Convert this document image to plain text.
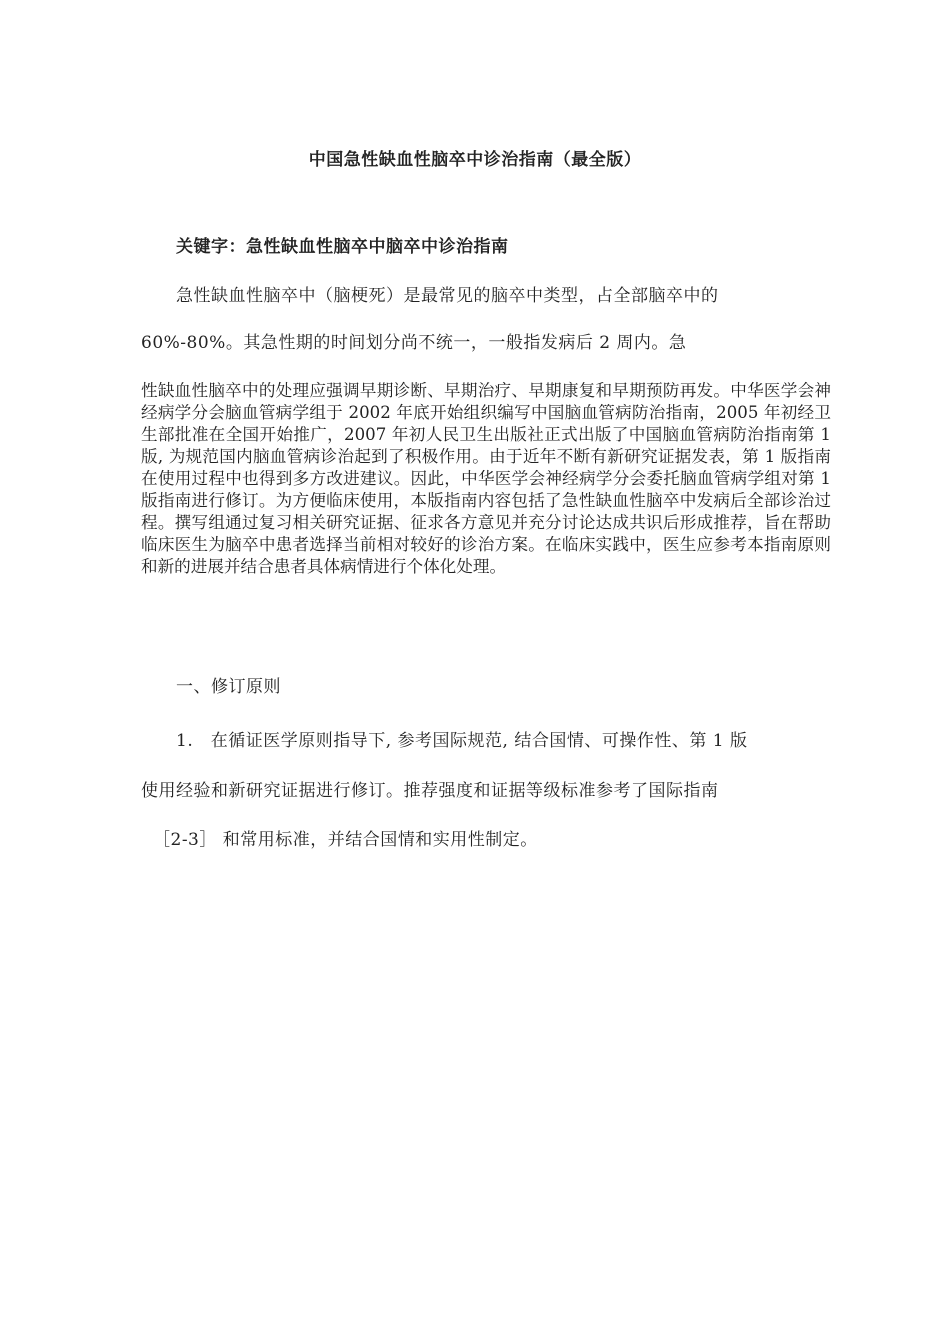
中国急性缺血性脑卒中诊治指南（最全版）
关键字：急性缺血性脑卒中脑卒中诊治指南
急性缺血性脑卒中（脑梗死）是最常见的脑卒中类型，占全部脑卒中的
60%-80%。其急性期的时间划分尚不统一，一般指发病后 2 周内。急
性缺血性脑卒中的处理应强调早期诊断、早期治疗、早期康复和早期预防再发。中华医学会神经病学分会脑血管病学组于 2002 年底开始组织编写中国脑血管病防治指南，2005 年初经卫生部批准在全国开始推广，2007 年初人民卫生出版社正式出版了中国脑血管病防治指南第 1 版, 为规范国内脑血管病诊治起到了积极作用。由于近年不断有新研究证据发表，第 1 版指南在使用过程中也得到多方改进建议。因此，中华医学会神经病学分会委托脑血管病学组对第 1 版指南进行修订。为方便临床使用，本版指南内容包括了急性缺血性脑卒中发病后全部诊治过程。撰写组通过复习相关研究证据、征求各方意见并充分讨论达成共识后形成推荐，旨在帮助临床医生为脑卒中患者选择当前相对较好的诊治方案。在临床实践中，医生应参考本指南原则和新的进展并结合患者具体病情进行个体化处理。
一、修订原则
1.　在循证医学原则指导下, 参考国际规范, 结合国情、可操作性、第 1 版
使用经验和新研究证据进行修订。推荐强度和证据等级标准参考了国际指南
［2-3］ 和常用标准，并结合国情和实用性制定。
